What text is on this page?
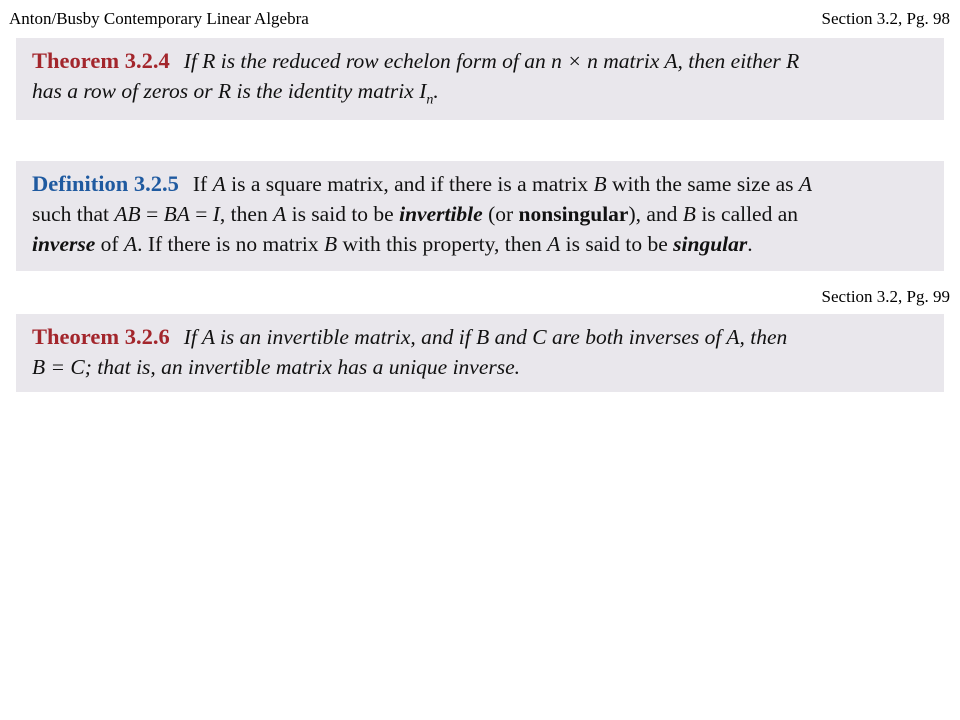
Anton/Busby Contemporary Linear Algebra	Section 3.2, Pg. 98
Theorem 3.2.4 If R is the reduced row echelon form of an n × n matrix A, then either R
has a row of zeros or R is the identity matrix $I_n$.
Definition 3.2.5 If A is a square matrix, and if there is a matrix B with the same size as A
such that AB = BA = I, then A is said to be invertible (or nonsingular), and B is called an
inverse of A. If there is no matrix B with this property, then A is said to be singular.
Section 3.2, Pg. 99
Theorem 3.2.6 If A is an invertible matrix, and if B and C are both inverses of A, then
B = C; that is, an invertible matrix has a unique inverse.
